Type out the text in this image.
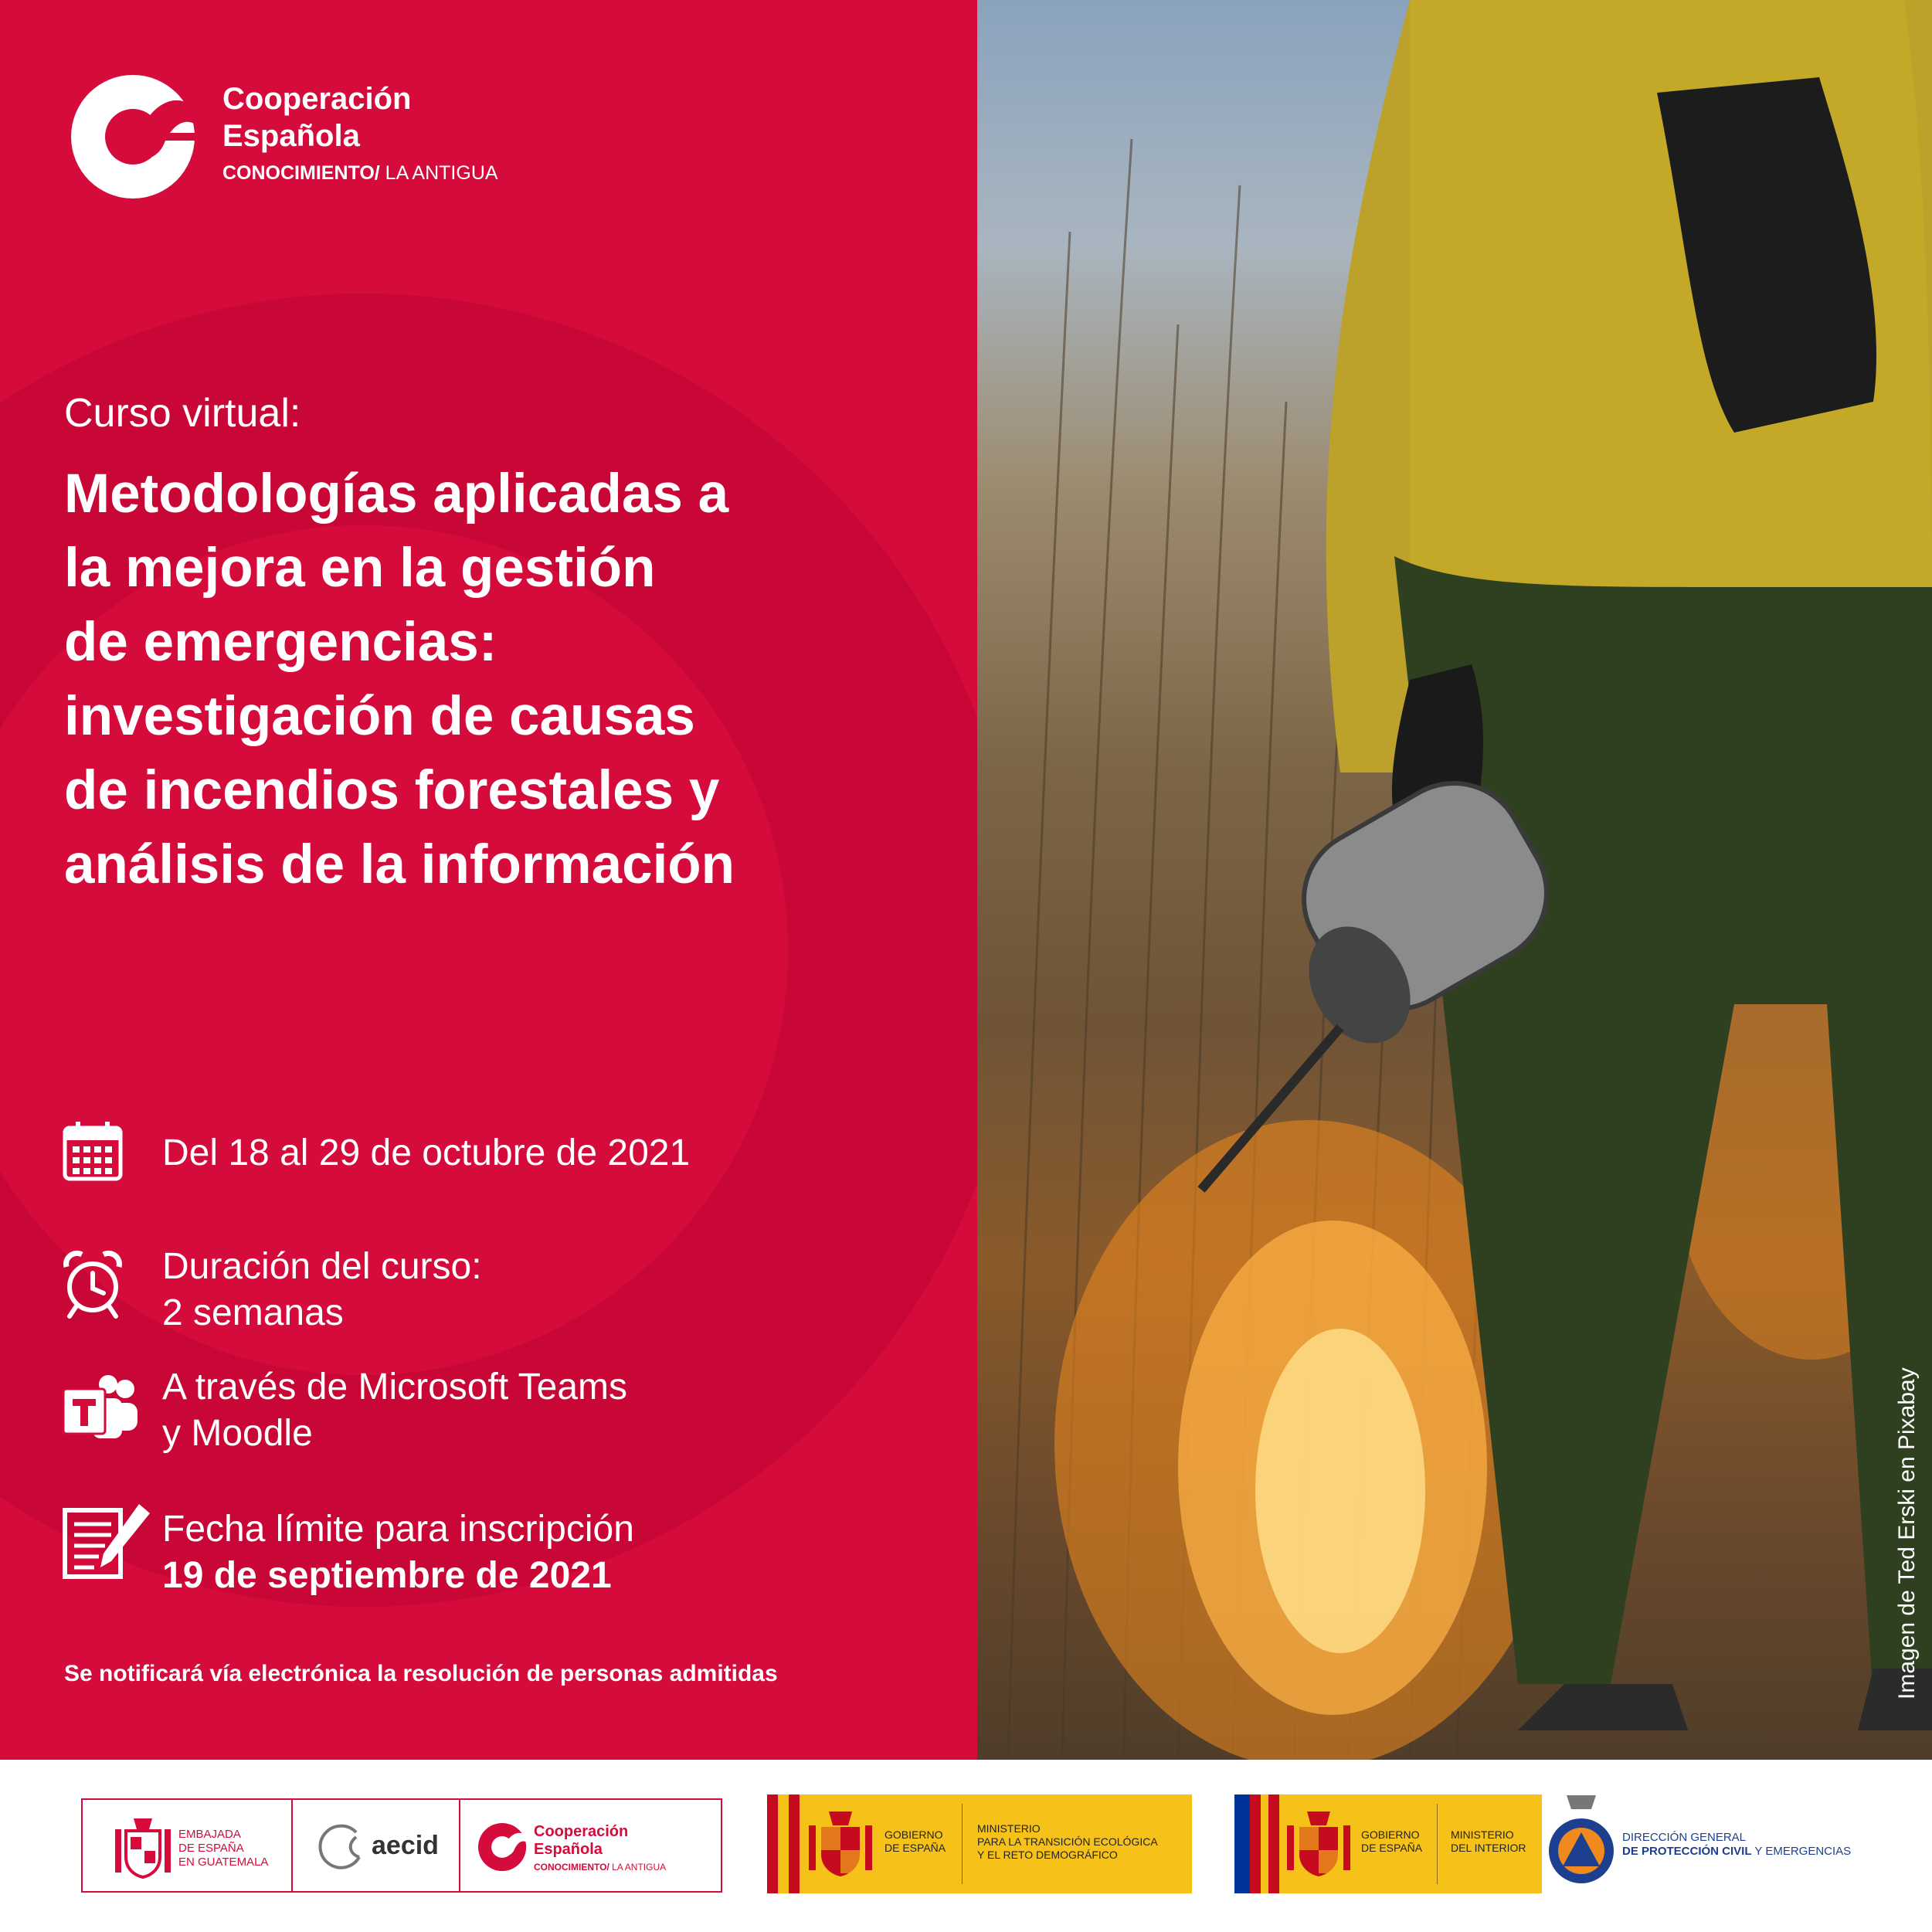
Cooperación
Española
CONOCIMIENTO/ LA ANTIGUA
Curso virtual:
Metodologías aplicadas a
la mejora en la gestión
de emergencias:
investigación de causas
de incendios forestales y
análisis de la información
Del 18 al 29 de octubre de 2021
Duración del curso:
2 semanas
A través de Microsoft Teams
y Moodle
Fecha límite para inscripción
19 de septiembre de 2021
Se notificará vía electrónica la resolución de personas admitidas	Imagen de Ted Erski en Pixabay
EMBAJADA
DE ESPAÑA
EN GUATEMALA
aecid	Cooperación
Española
CONOCIMIENTO/ LA ANTIGUA
GOBIERNO
DE ESPAÑA
MINISTERIO
PARA LA TRANSICIÓN ECOLÓGICA
Y EL RETO DEMOGRÁFICO
GOBIERNO
DE ESPAÑA
MINISTERIO
DEL INTERIOR
DIRECCIÓN GENERAL
DE PROTECCIÓN CIVIL Y EMERGENCIAS
